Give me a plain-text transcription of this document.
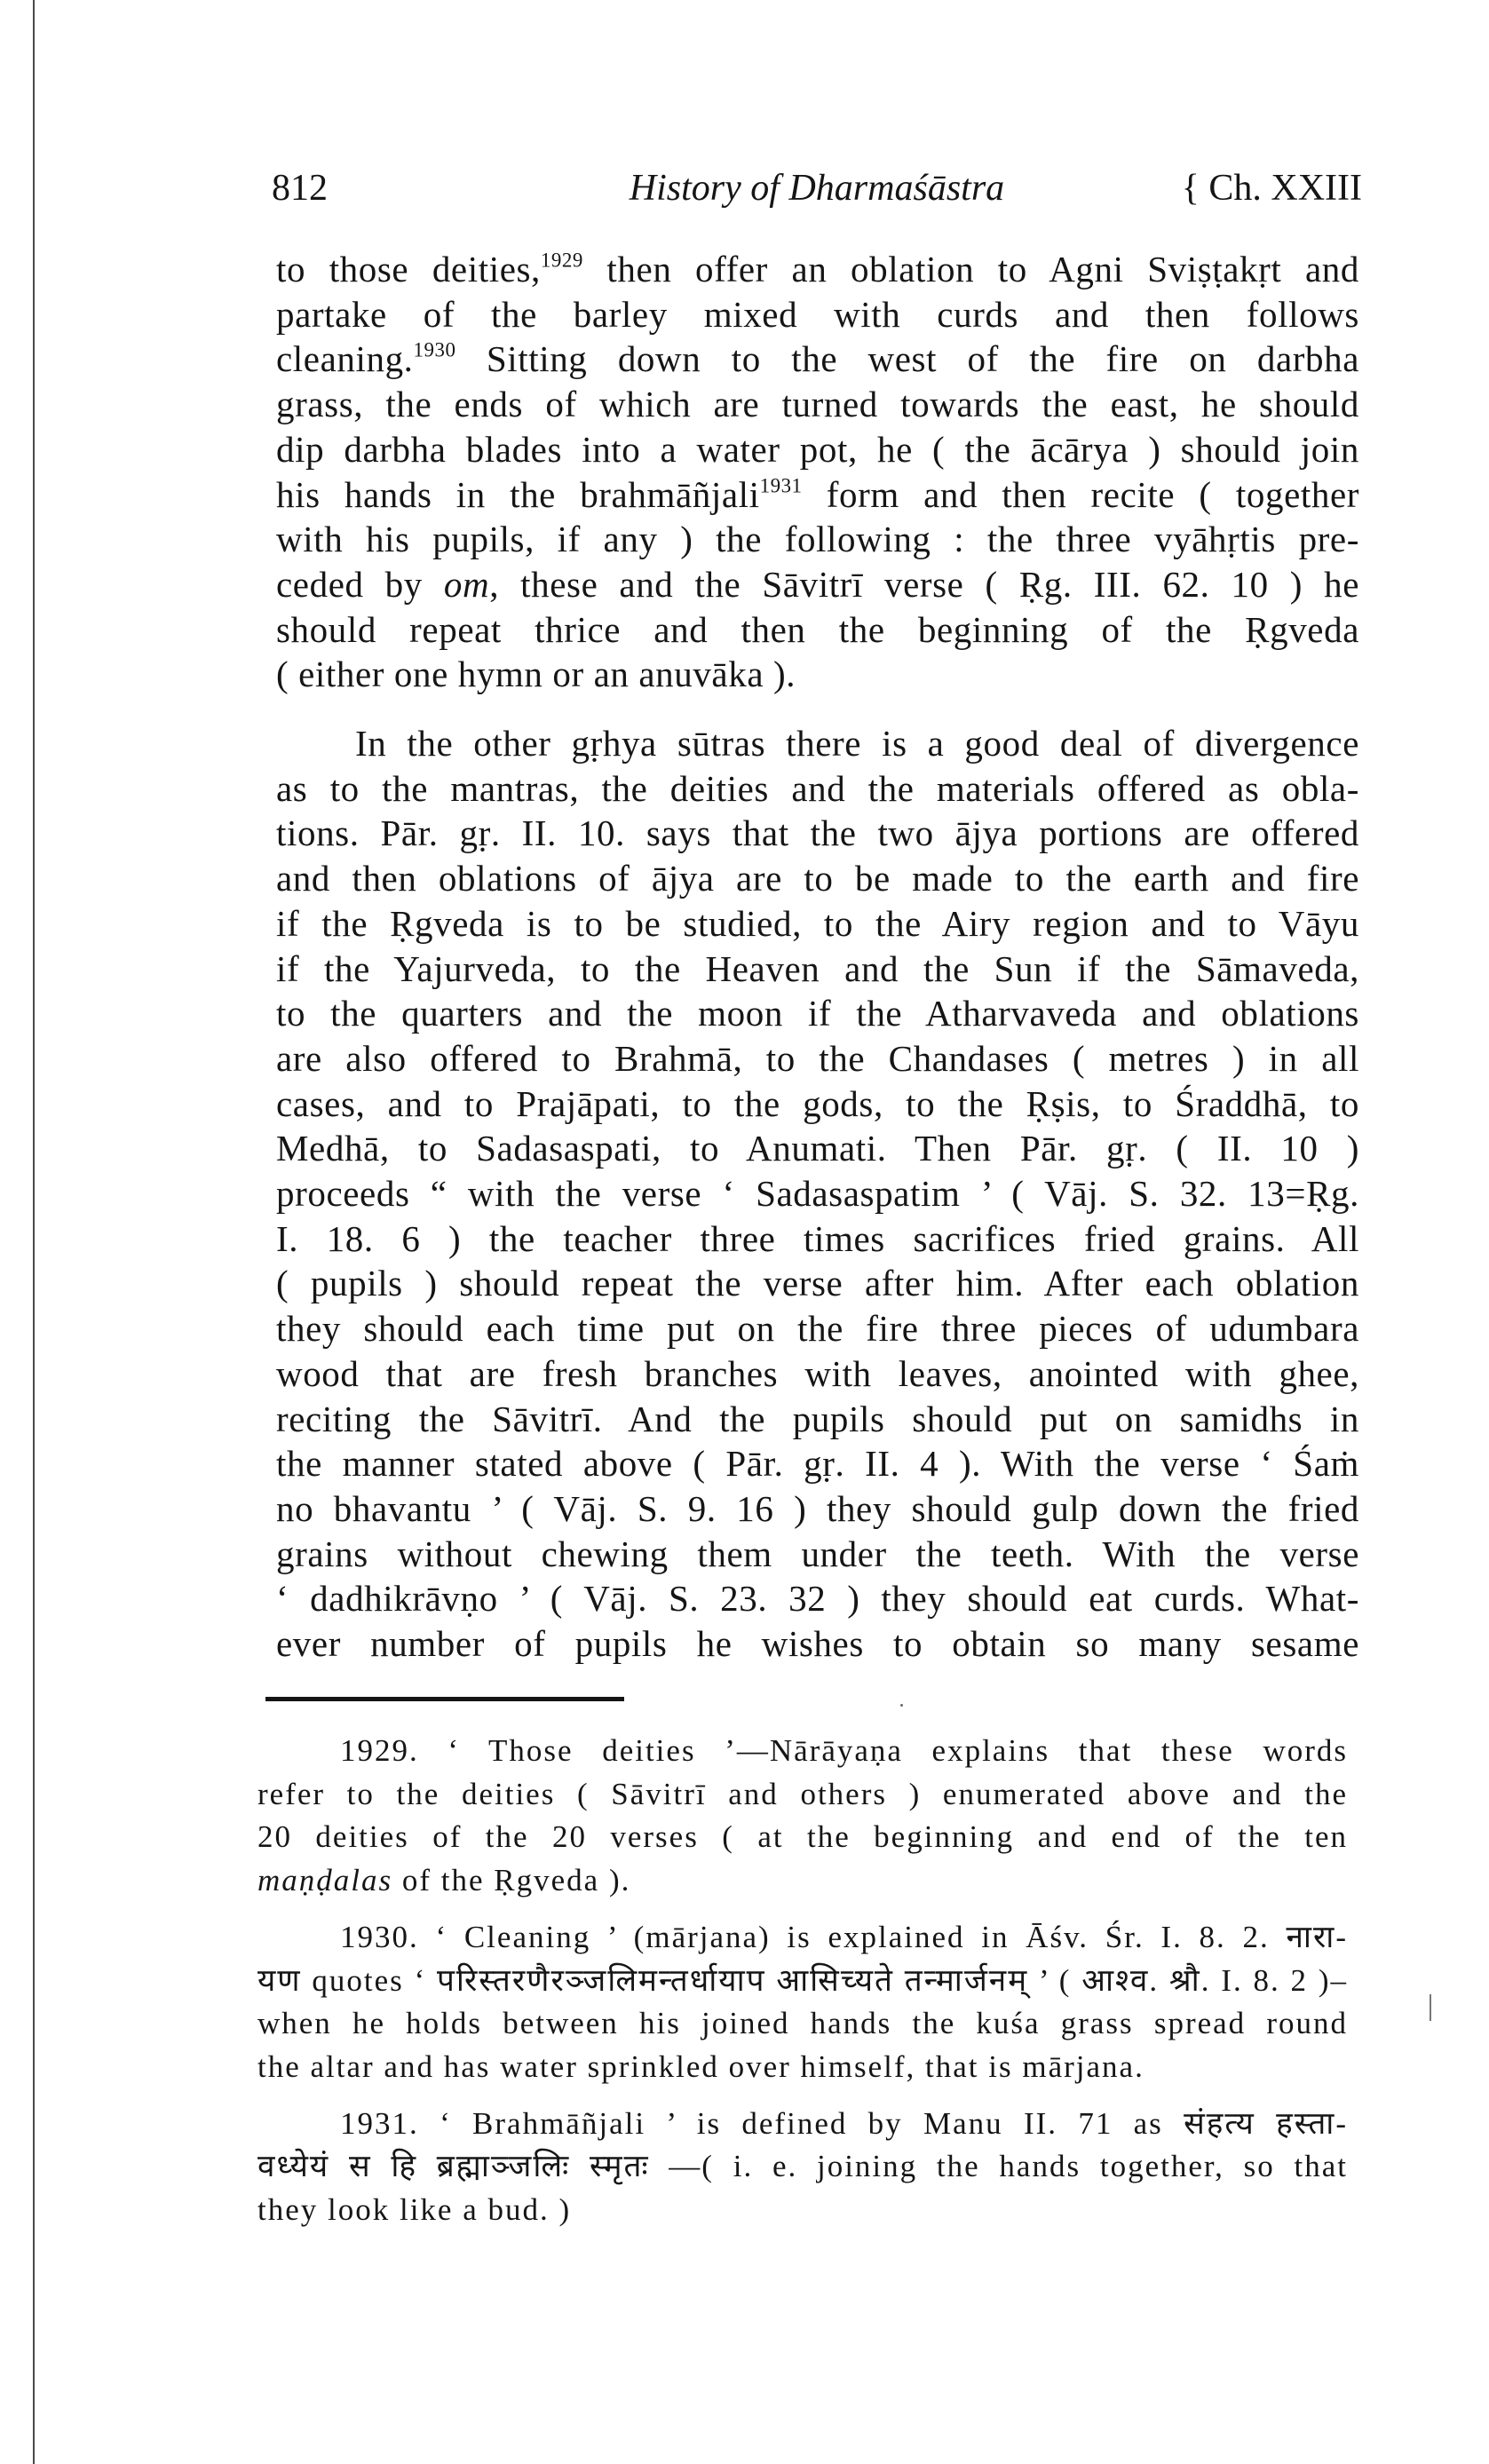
812	History of Dharmaśāstra	{ Ch. XXIII
to those deities,$^{1929}$ then offer an oblation to Agni Sviṣṭakṛt and
partake of the barley mixed with curds and then follows
cleaning.$^{1930}$ Sitting down to the west of the fire on darbha
grass, the ends of which are turned towards the east, he should
dip darbha blades into a water pot, he ( the ācārya ) should join
his hands in the brahmāñjali$^{1931}$ form and then recite ( together
with his pupils, if any ) the following : the three vyāhṛtis pre-
ceded by om, these and the Sāvitrī verse ( Ṛg. III. 62. 10 ) he
should repeat thrice and then the beginning of the Ṛgveda
( either one hymn or an anuvāka ).
In the other gṛhya sūtras there is a good deal of divergence
as to the mantras, the deities and the materials offered as obla-
tions. Pār. gṛ. II. 10. says that the two ājya portions are offered
and then oblations of ājya are to be made to the earth and fire
if the Ṛgveda is to be studied, to the Airy region and to Vāyu
if the Yajurveda, to the Heaven and the Sun if the Sāmaveda,
to the quarters and the moon if the Atharvaveda and oblations
are also offered to Brahmā, to the Chandases ( metres ) in all
cases, and to Prajāpati, to the gods, to the Ṛṣis, to Śraddhā, to
Medhā, to Sadasaspati, to Anumati. Then Pār. gṛ. ( II. 10 )
proceeds “ with the verse ‘ Sadasaspatim ’ ( Vāj. S. 32. 13=Ṛg.
I. 18. 6 ) the teacher three times sacrifices fried grains. All
( pupils ) should repeat the verse after him. After each oblation
they should each time put on the fire three pieces of udumbara
wood that are fresh branches with leaves, anointed with ghee,
reciting the Sāvitrī. And the pupils should put on samidhs in
the manner stated above ( Pār. gṛ. II. 4 ). With the verse ‘ Śaṁ
no bhavantu ’ ( Vāj. S. 9. 16 ) they should gulp down the fried
grains without chewing them under the teeth. With the verse
‘ dadhikrāvṇo ’ ( Vāj. S. 23. 32 ) they should eat curds. What-
ever number of pupils he wishes to obtain so many sesame
1929. ‘ Those deities ’—Nārāyaṇa explains that these words
refer to the deities ( Sāvitrī and others ) enumerated above and the
20 deities of the 20 verses ( at the beginning and end of the ten
maṇḍalas of the Ṛgveda ).
1930. ‘ Cleaning ’ (mārjana) is explained in Āśv. Śr. I. 8. 2. नारा-
यण quotes ‘ परिस्तरणैरञ्जलिमन्तर्धायाप आसिच्यते तन्मार्जनम् ’ ( आश्व. श्रौ. I. 8. 2 )–
when he holds between his joined hands the kuśa grass spread round
the altar and has water sprinkled over himself, that is mārjana.
1931. ‘ Brahmāñjali ’ is defined by Manu II. 71 as संहत्य हस्ता-
वध्येयं स हि ब्रह्माञ्जलिः स्मृतः —( i. e. joining the hands together, so that
they look like a bud. )
